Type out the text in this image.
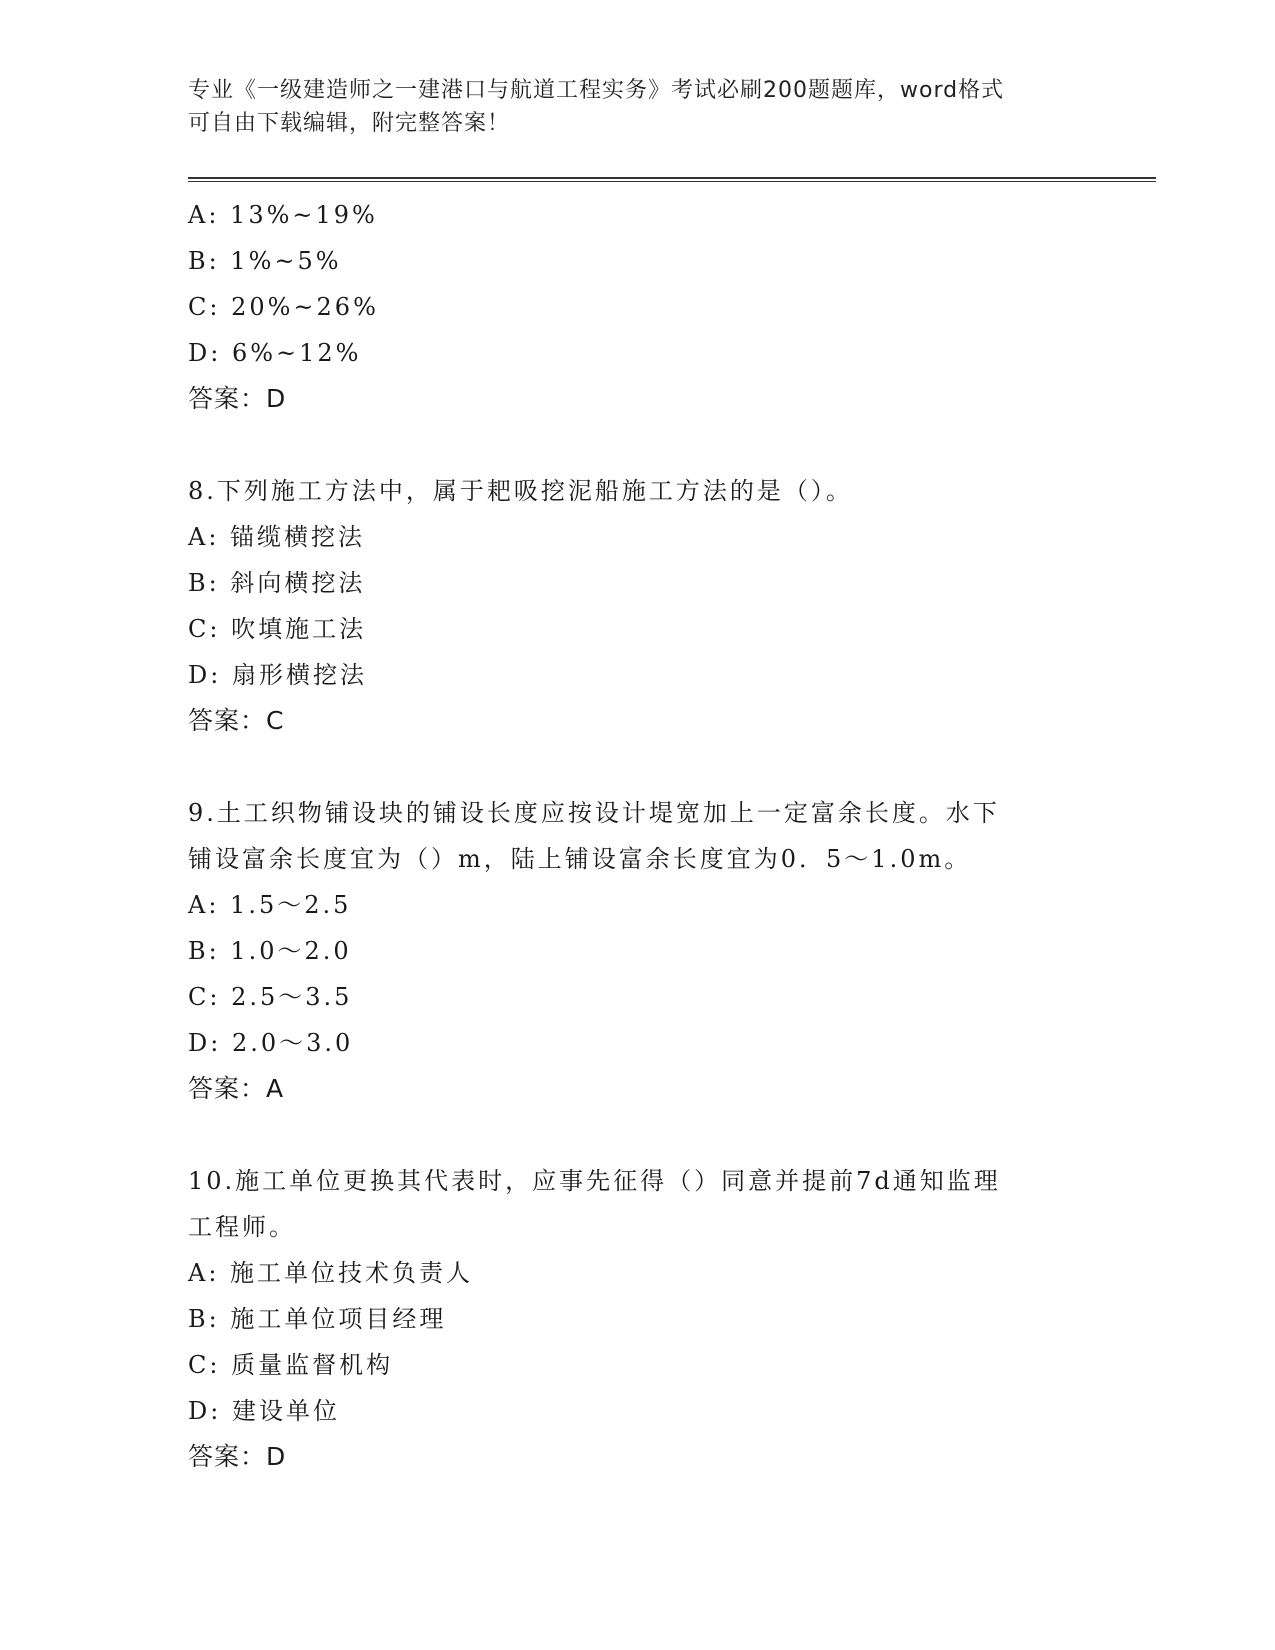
专业《一级建造师之一建港口与航道工程实务》考试必刷200题题库，word格式
可自由下载编辑，附完整答案！
A: 13%~19%
B: 1%~5%
C: 20%~26%
D: 6%~12%
答案：D
8.下列施工方法中，属于耙吸挖泥船施工方法的是（）。
A: 锚缆横挖法
B: 斜向横挖法
C: 吹填施工法
D: 扇形横挖法
答案：C
9.土工织物铺设块的铺设长度应按设计堤宽加上一定富余长度。水下
铺设富余长度宜为（）m，陆上铺设富余长度宜为0．5～1.0m。
A: 1.5～2.5
B: 1.0～2.0
C: 2.5～3.5
D: 2.0～3.0
答案：A
10.施工单位更换其代表时，应事先征得（）同意并提前7d通知监理
工程师。
A: 施工单位技术负责人
B: 施工单位项目经理
C: 质量监督机构
D: 建设单位
答案：D
